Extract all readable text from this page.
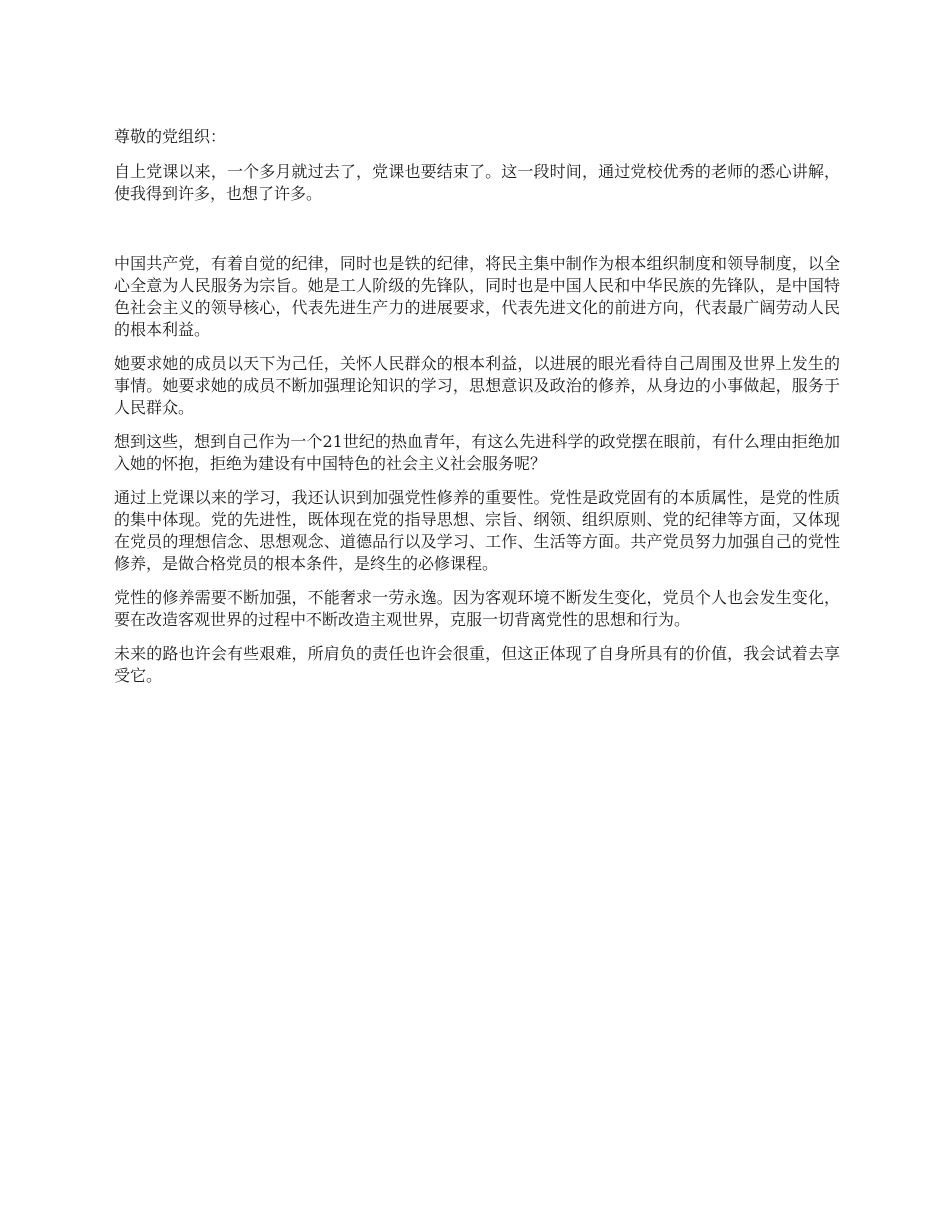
尊敬的党组织：

自上党课以来，一个多月就过去了，党课也要结束了。这一段时间，通过党校优秀的老师的悉心讲解，使我得到许多，也想了许多。

中国共产党，有着自觉的纪律，同时也是铁的纪律，将民主集中制作为根本组织制度和领导制度，以全心全意为人民服务为宗旨。她是工人阶级的先锋队，同时也是中国人民和中华民族的先锋队，是中国特色社会主义的领导核心，代表先进生产力的进展要求，代表先进文化的前进方向，代表最广阔劳动人民的根本利益。

她要求她的成员以天下为己任，关怀人民群众的根本利益，以进展的眼光看待自己周围及世界上发生的事情。她要求她的成员不断加强理论知识的学习，思想意识及政治的修养，从身边的小事做起，服务于人民群众。

想到这些，想到自己作为一个21世纪的热血青年，有这么先进科学的政党摆在眼前，有什么理由拒绝加入她的怀抱，拒绝为建设有中国特色的社会主义社会服务呢？

通过上党课以来的学习，我还认识到加强党性修养的重要性。党性是政党固有的本质属性，是党的性质的集中体现。党的先进性，既体现在党的指导思想、宗旨、纲领、组织原则、党的纪律等方面，又体现在党员的理想信念、思想观念、道德品行以及学习、工作、生活等方面。共产党员努力加强自己的党性修养，是做合格党员的根本条件，是终生的必修课程。

党性的修养需要不断加强，不能奢求一劳永逸。因为客观环境不断发生变化，党员个人也会发生变化，要在改造客观世界的过程中不断改造主观世界，克服一切背离党性的思想和行为。

未来的路也许会有些艰难，所肩负的责任也许会很重，但这正体现了自身所具有的价值，我会试着去享受它。
